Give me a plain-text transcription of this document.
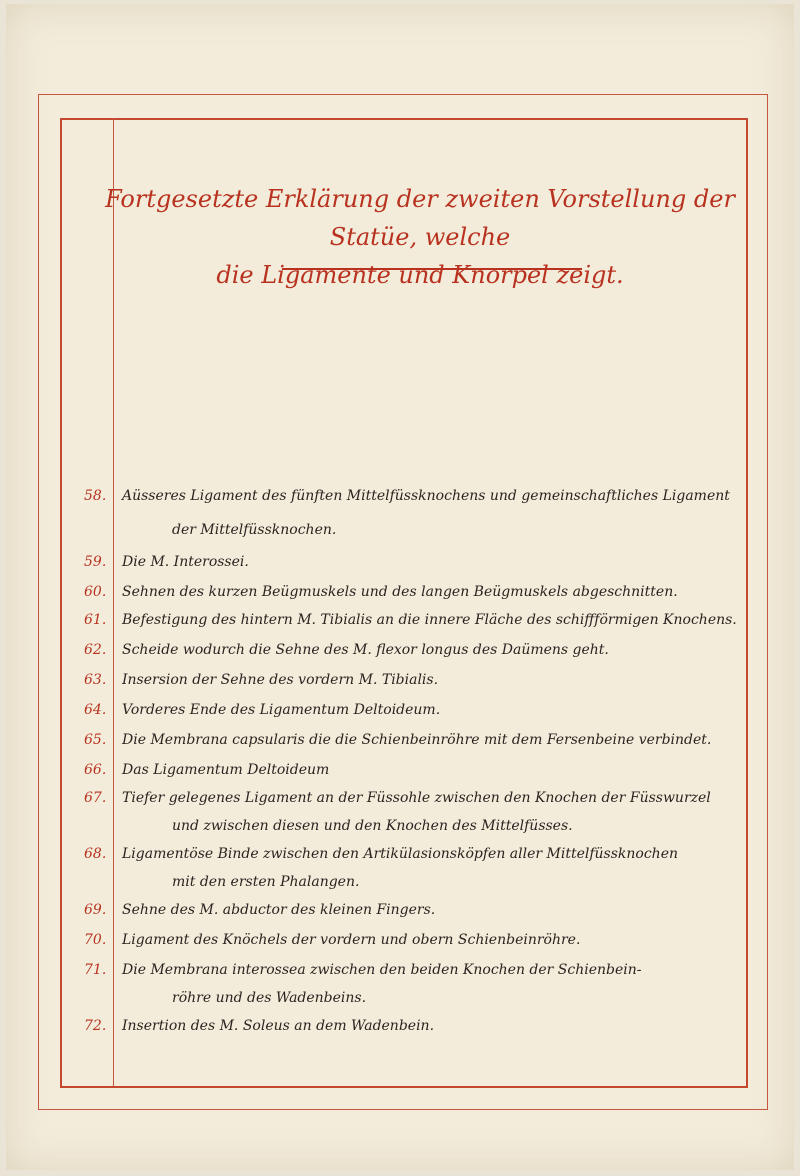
Fortgesetzte Erklärung der zweiten Vorstellung der Statüe, welche
die Ligamente und Knorpel zeigt.
58.	Aüsseres Ligament des fünften Mittelfüssknochens und gemeinschaftliches Ligament
der Mittelfüssknochen.
59.	Die M. Interossei.
60.	Sehnen des kurzen Beügmuskels und des langen Beügmuskels abgeschnitten.
61.	Befestigung des hintern M. Tibialis an die innere Fläche des schiffförmigen Knochens.
62.	Scheide wodurch die Sehne des M. flexor longus des Daümens geht.
63.	Insersion der Sehne des vordern M. Tibialis.
64.	Vorderes Ende des Ligamentum Deltoideum.
65.	Die Membrana capsularis die die Schienbeinröhre mit dem Fersenbeine verbindet.
66.	Das Ligamentum Deltoideum
67.	Tiefer gelegenes Ligament an der Füssohle zwischen den Knochen der Füsswurzel
und zwischen diesen und den Knochen des Mittelfüsses.
68.	Ligamentöse Binde zwischen den Artikülasionsköpfen aller Mittelfüssknochen
mit den ersten Phalangen.
69.	Sehne des M. abductor des kleinen Fingers.
70.	Ligament des Knöchels der vordern und obern Schienbeinröhre.
71.	Die Membrana interossea zwischen den beiden Knochen der Schienbein-
röhre und des Wadenbeins.
72.	Insertion des M. Soleus an dem Wadenbein.
